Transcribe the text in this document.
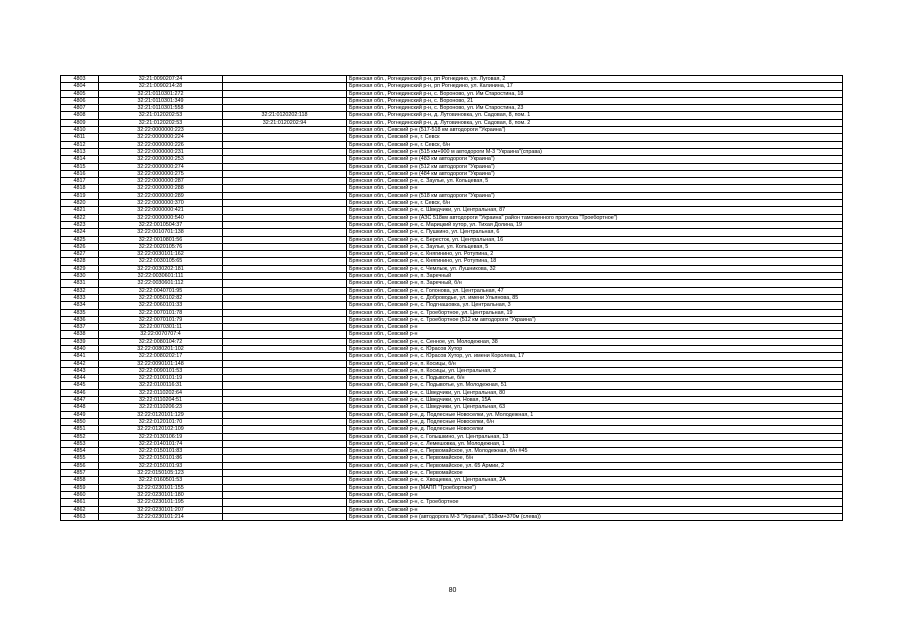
4803	32:21:0090207:24		Брянская обл., Рогнединский р-н, рп Рогнедино, ул. Луговая, 2
4804	32:21:0090214:28		Брянская обл., Рогнединский р-н, рп Рогнедино, ул. Калинина, 17
4805	32:21:0110301:272		Брянская обл., Рогнединский р-н, с. Вороново, ул. Им Старостина, 18
4806	32:21:0110301:349		Брянская обл., Рогнединский р-н, с. Вороново, 21
4807	32:21:0110301:558		Брянская обл., Рогнединский р-н, с. Вороново, ул. Им Старостина, 23
4808	32:21:0120202:53	32:21:0120202:118	Брянская обл., Рогнединский р-н, д. Лутовиновка, ул. Садовая, 8, пом. 1
4809	32:21:0120202:53	32:21:0120202:94	Брянская обл., Рогнединский р-н, д. Лутовиновка, ул. Садовая, 8, пом. 2
4810	32:22:0000000:223		Брянская обл., Севский р-н (517-518 км автодороги "Украина")
4811	32:22:0000000:224		Брянская обл., Севский р-н, г. Севск
4812	32:22:0000000:226		Брянская обл., Севский р-н, г. Севск, б/н
4813	32:22:0000000:231		Брянская обл., Севский р-н (515 км+900 м автодороги М-3 "Украина"(справа)
4814	32:22:0000000:253		Брянская обл., Севский р-н (483 км автодороги "Украина")
4815	32:22:0000000:274		Брянская обл., Севский р-н (512 км автодороги "Украина")
4816	32:22:0000000:275		Брянская обл., Севский р-н (484 км автодороги "Украина")
4817	32:22:0000000:287		Брянская обл., Севский р-н, с. Заулье, ул. Кольцевая, 5
4818	32:22:0000000:288		Брянская обл., Севский р-н
4819	32:22:0000000:289		Брянская обл., Севский р-н (518 км автодороги "Украина")
4820	32:22:0000000:370		Брянская обл., Севский р-н, г. Севск, б/н
4821	32:22:0000000:421		Брянская обл., Севский р-н, с. Шведчики, ул. Центральная, 87
4822	32:22:0000000:540		Брянская обл., Севский р-н (АЗС 518км автодороги "Украина" район таможенного пропуска "Троебортное")
4823	32:22:0010504:37		Брянская обл., Севский р-н, с. Марицкий хутор, ул. Тихая Долина, 19
4824	32:22:0010701:138		Брянская обл., Севский р-н, с. Пушкино, ул. Центральная, 6
4825	32:22:0010801:56		Брянская обл., Севский р-н, с. Бересток, ул. Центральная, 16
4826	32:22:0020105:76		Брянская обл., Севский р-н, с. Заулье, ул. Кольцевая, 5
4827	32:22:0030101:162		Брянская обл., Севский р-н, с. Княгинино, ул. Ротупина, 2
4828	32:22:0030105:65		Брянская обл., Севский р-н, с. Княгинино, ул. Ротупина, 18
4829	32:22:0030202:181		Брянская обл., Севский р-н, с. Чемлыж, ул. Лушникова, 32
4830	32:22:0030601:111		Брянская обл., Севский р-н, п. Заречный
4831	32:22:0030601:112		Брянская обл., Севский р-н, п. Заречный, б/н
4832	32:22:0040701:95		Брянская обл., Севский р-н, с. Голонова, ул. Центральная, 47
4833	32:22:0050102:82		Брянская обл., Севский р-н, с. Доброводье, ул. имени Ульянова, 85
4834	32:22:0060101:33		Брянская обл., Севский р-н, с. Подгнашовка, ул. Центральная, 3
4835	32:22:0070101:78		Брянская обл., Севский р-н, с. Троебортное, ул. Центральная, 19
4836	32:22:0070101:79		Брянская обл., Севский р-н, с. Троебортное (512 км автодороги "Украина")
4837	32:22:0070301:11		Брянская обл., Севский р-н
4838	32:22:0070707:4		Брянская обл., Севский р-н
4839	32:22:0080104:72		Брянская обл., Севский р-н, с. Сенное, ул. Молодежная, 38
4840	32:22:0080201:102		Брянская обл., Севский р-н, с. Юрасов Хутор
4841	32:22:0080202:17		Брянская обл., Севский р-н, с. Юрасов Хутор, ул. имени Королева, 17
4842	32:22:0090101:148		Брянская обл., Севский р-н, п. Косицы, б/н
4843	32:22:0090101:53		Брянская обл., Севский р-н, п. Косицы, ул. Центральная, 2
4844	32:22:0100101:19		Брянская обл., Севский р-н, с. Подывотье, б/н
4845	32:22:0100116:31		Брянская обл., Севский р-н, с. Подывотье, ул. Молодежная, 51
4846	32:22:0110202:64		Брянская обл., Севский р-н, с. Шведчики, ул. Центральная, 80
4847	32:22:0110204:51		Брянская обл., Севский р-н, с. Шведчики, ул. Новая, 15А
4848	32:22:0110206:23		Брянская обл., Севский р-н, с. Шведчики, ул. Центральная, 63
4849	32:22:0120101:129		Брянская обл., Севский р-н, д. Подлесные Новоселки, ул. Молодежная, 1
4850	32:22:0120101:70		Брянская обл., Севский р-н, д. Подлесные Новоселки, б/н
4851	32:22:0120102:109		Брянская обл., Севский р-н, д. Подлесные Новоселки
4852	32:22:0130106:19		Брянская обл., Севский р-н, с. Голышкино, ул. Центральная, 13
4853	32:22:0140101:74		Брянская обл., Севский р-н, с. Лемешовка, ул. Молодежная, 1
4854	32:22:0150101:83		Брянская обл., Севский р-н, с. Первомайское, ул. Молодежная, б/н #45
4855	32:22:0150101:86		Брянская обл., Севский р-н, с. Первомайское, б/н
4856	32:22:0150101:93		Брянская обл., Севский р-н, с. Первомайское, ул. 65 Армии, 2
4857	32:22:0150105:123		Брянская обл., Севский р-н, с. Первомайское
4858	32:22:0160501:53		Брянская обл., Севский р-н, с. Хвощевка, ул. Центральная, 2А
4859	32:22:0230101:155		Брянская обл., Севский р-н (МАПП "Троебортное")
4860	32:22:0230101:180		Брянская обл., Севский р-н
4861	32:22:0230101:195		Брянская обл., Севский р-н, с. Троебортное
4862	32:22:0230101:207		Брянская обл., Севский р-н
4863	32:22:0230101:214		Брянская обл., Севский р-н (автодорога М-3 "Украина", 518км+370м (слева))
80
